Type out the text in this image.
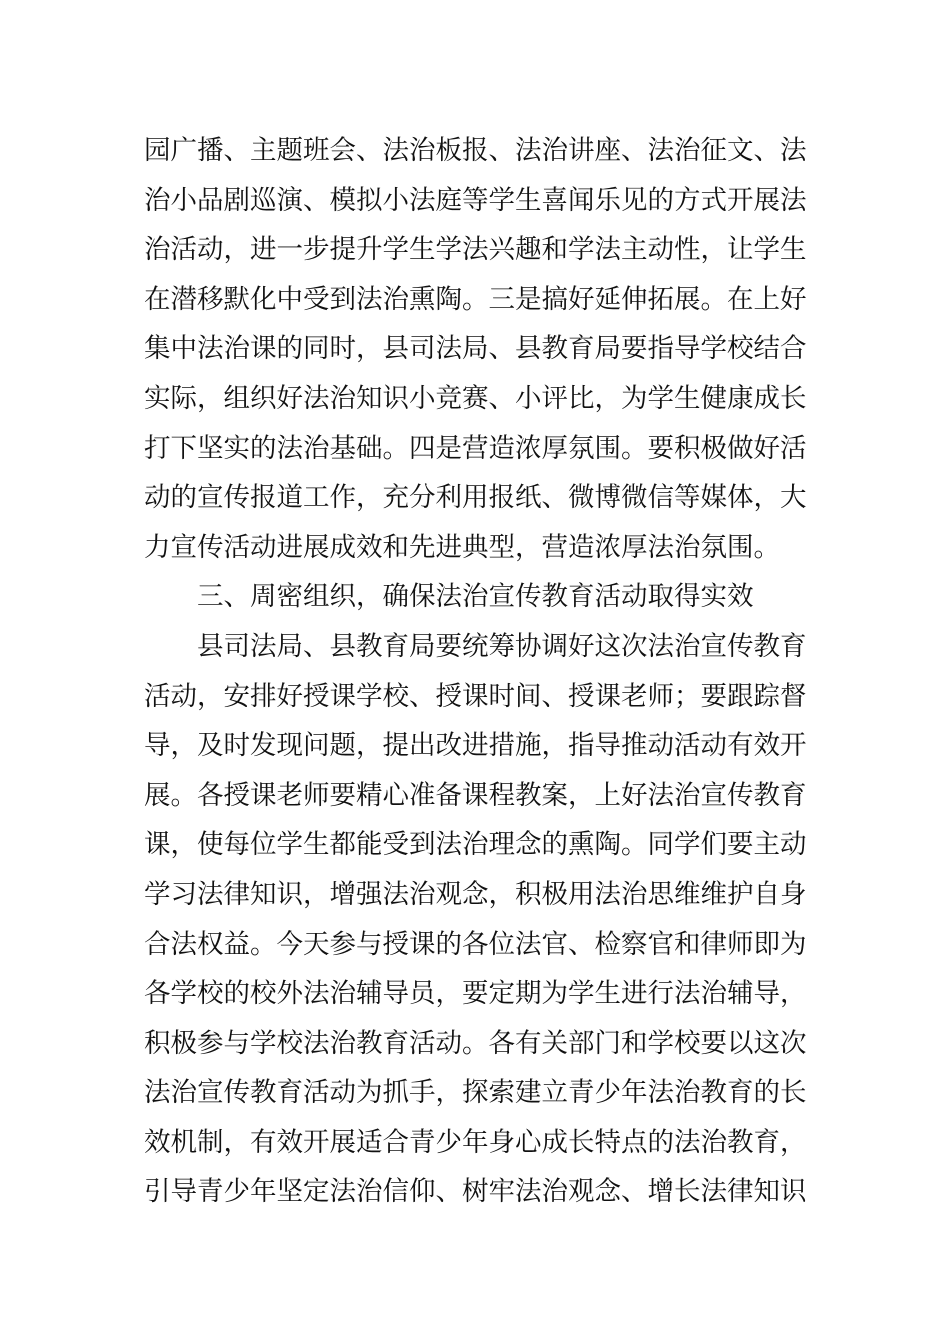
园广播、主题班会、法治板报、法治讲座、法治征文、法
治小品剧巡演、模拟小法庭等学生喜闻乐见的方式开展法
治活动，进一步提升学生学法兴趣和学法主动性，让学生
在潜移默化中受到法治熏陶。三是搞好延伸拓展。在上好
集中法治课的同时，县司法局、县教育局要指导学校结合
实际，组织好法治知识小竞赛、小评比，为学生健康成长
打下坚实的法治基础。四是营造浓厚氛围。要积极做好活
动的宣传报道工作，充分利用报纸、微博微信等媒体，大
力宣传活动进展成效和先进典型，营造浓厚法治氛围。
三、周密组织，确保法治宣传教育活动取得实效
县司法局、县教育局要统筹协调好这次法治宣传教育
活动，安排好授课学校、授课时间、授课老师；要跟踪督
导，及时发现问题，提出改进措施，指导推动活动有效开
展。各授课老师要精心准备课程教案，上好法治宣传教育
课，使每位学生都能受到法治理念的熏陶。同学们要主动
学习法律知识，增强法治观念，积极用法治思维维护自身
合法权益。今天参与授课的各位法官、检察官和律师即为
各学校的校外法治辅导员，要定期为学生进行法治辅导，
积极参与学校法治教育活动。各有关部门和学校要以这次
法治宣传教育活动为抓手，探索建立青少年法治教育的长
效机制，有效开展适合青少年身心成长特点的法治教育，
引导青少年坚定法治信仰、树牢法治观念、增长法律知识
